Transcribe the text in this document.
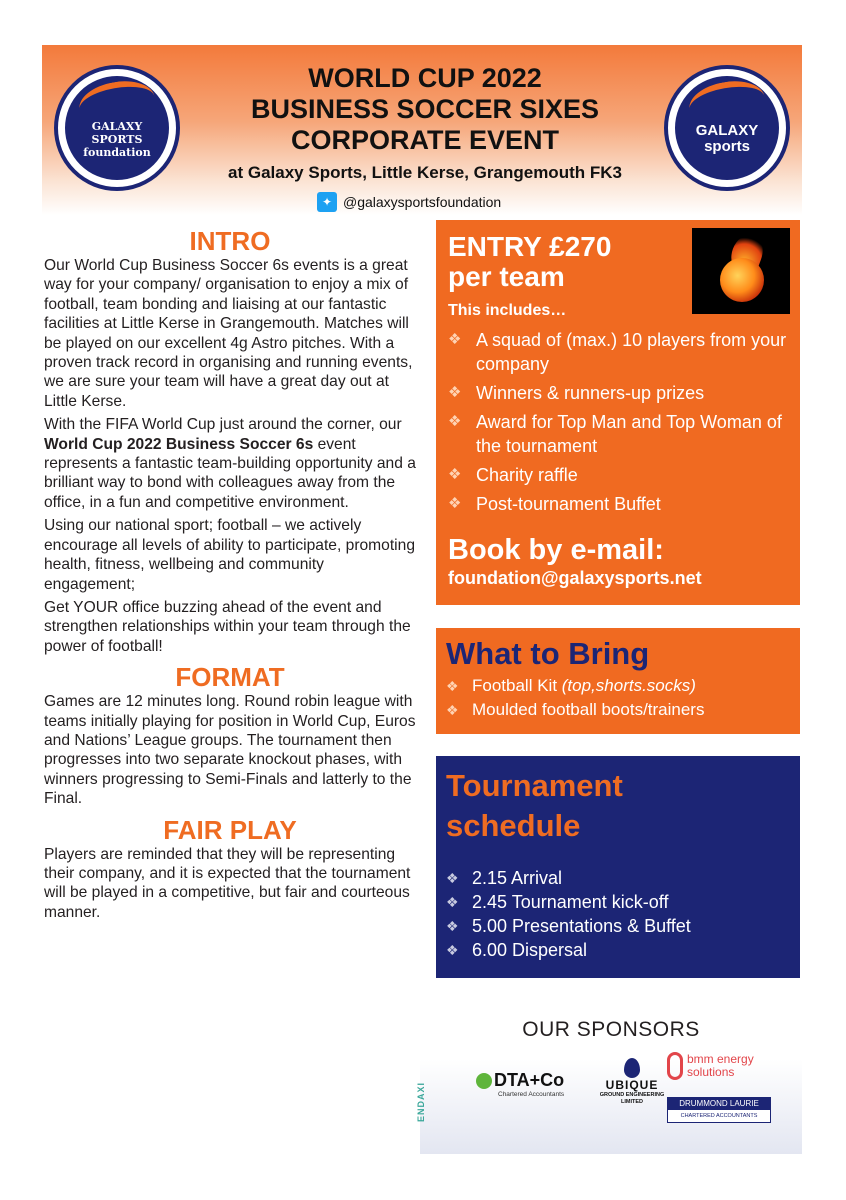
GALAXY
SPORTS
foundation
WORLD CUP 2022
BUSINESS SOCCER SIXES
CORPORATE EVENT
at Galaxy Sports, Little Kerse, Grangemouth FK3
✦ @galaxysportsfoundation
GALAXY
sports
INTRO
Our World Cup Business Soccer 6s events is a great way for your company/ organisation to enjoy a mix of football, team bonding and liaising at our fantastic facilities at Little Kerse in Grangemouth. Matches will be played on our excellent 4g Astro pitches. With a proven track record in organising and running events, we are sure your team will have a great day out at Little Kerse.
With the FIFA World Cup just around the corner, our World Cup 2022 Business Soccer 6s event represents a fantastic team-building opportunity and a brilliant way to bond with colleagues away from the office, in a fun and competitive environment.
Using our national sport; football – we actively encourage all levels of ability to participate, promoting health, fitness, wellbeing and community engagement;
Get YOUR office buzzing ahead of the event and strengthen relationships within your team through the power of football!
FORMAT
Games are 12 minutes long. Round robin league with teams initially playing for position in World Cup, Euros and Nations’ League groups. The tournament then progresses into two separate knockout phases, with winners progressing to Semi-Finals and latterly to the Final.
FAIR PLAY
Players are reminded that they will be representing their company, and it is expected that the tournament will be played in a competitive, but fair and courteous manner.
ENTRY £270
per team
This includes…
❖ A squad of (max.) 10 players from your company
❖ Winners & runners-up prizes
❖ Award for Top Man and Top Woman of the tournament
❖ Charity raffle
❖ Post-tournament Buffet
Book by e-mail:
foundation@galaxysports.net
What to Bring
❖ Football Kit (top,shorts.socks)
❖ Moulded football boots/trainers
Tournament
schedule
❖ 2.15 Arrival
❖ 2.45 Tournament kick-off
❖ 5.00 Presentations & Buffet
❖ 6.00 Dispersal
OUR SPONSORS
ENDAXI
DTA+Co
Chartered Accountants
UBIQUE
GROUND ENGINEERING
LIMITED
bmm energy
solutions
DRUMMOND LAURIE
CHARTERED ACCOUNTANTS
